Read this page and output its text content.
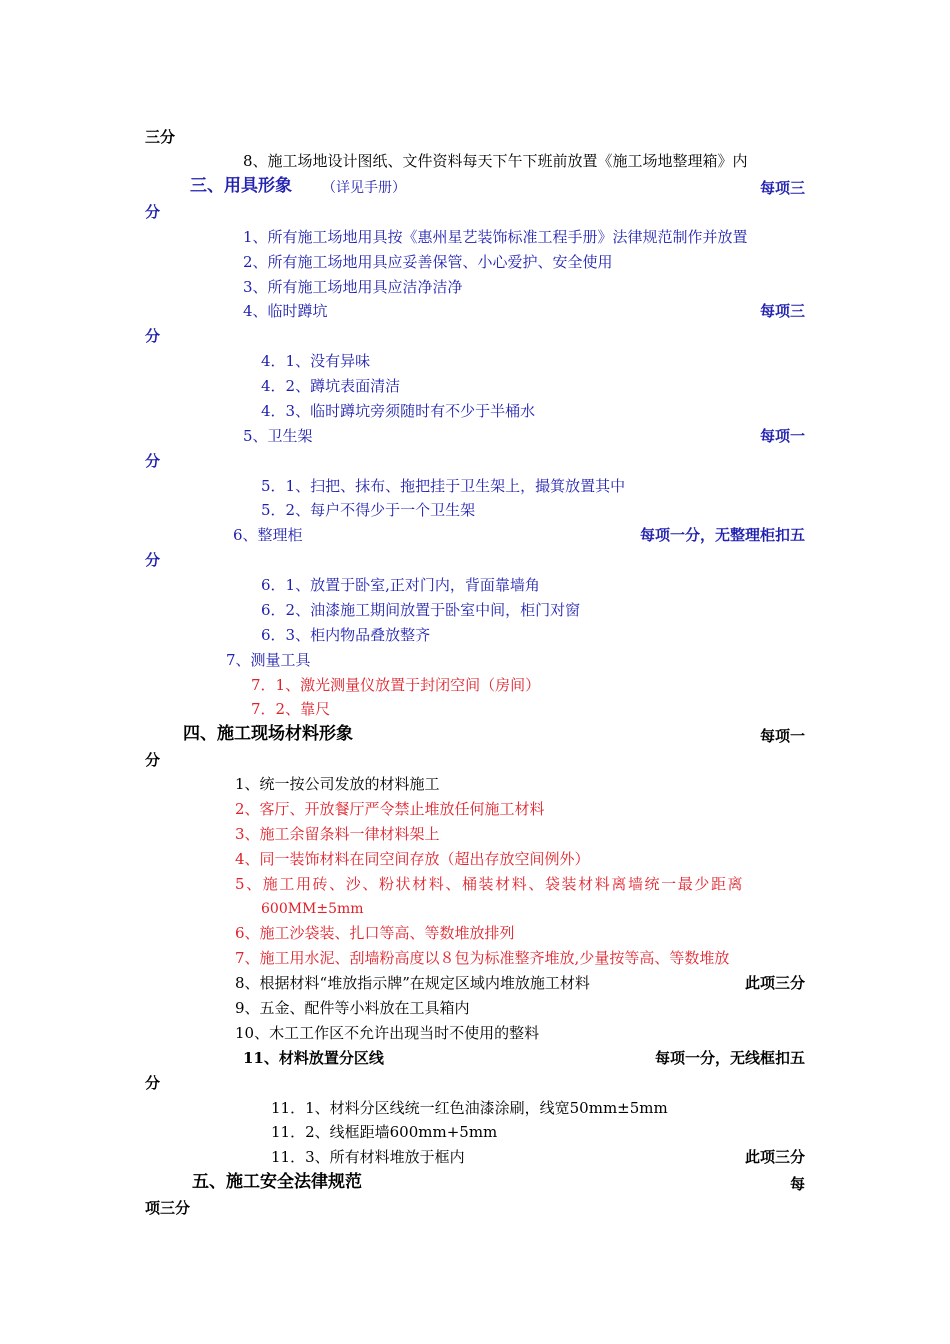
三分
8、施工场地设计图纸、文件资料每天下午下班前放置《施工场地整理箱》内
三、用具形象 （详见手册）	每项三
分
1、所有施工场地用具按《惠州星艺装饰标准工程手册》法律规范制作并放置
2、所有施工场地用具应妥善保管、小心爱护、安全使用
3、所有施工场地用具应洁净洁净
4、临时蹲坑	每项三
分
4．1、没有异味
4．2、蹲坑表面清洁
4．3、临时蹲坑旁须随时有不少于半桶水
5、卫生架	每项一
分
5．1、扫把、抹布、拖把挂于卫生架上，撮箕放置其中
5．2、每户不得少于一个卫生架
6、整理柜	每项一分，无整理柜扣五
分
6．1、放置于卧室,正对门内，背面靠墙角
6．2、油漆施工期间放置于卧室中间，柜门对窗
6．3、柜内物品叠放整齐
7、测量工具
7．1、激光测量仪放置于封闭空间（房间）
7．2、靠尺
四、施工现场材料形象	每项一
分
1、统一按公司发放的材料施工
2、客厅、开放餐厅严令禁止堆放任何施工材料
3、施工余留条料一律材料架上
4、同一装饰材料在同空间存放（超出存放空间例外）
5、施工用砖、沙、粉状材料、桶装材料、袋装材料离墙统一最少距离
600MM±5mm
6、施工沙袋装、扎口等高、等数堆放排列
7、施工用水泥、刮墙粉高度以８包为标准整齐堆放,少量按等高、等数堆放
8、根据材料“堆放指示牌”在规定区域内堆放施工材料	此项三分
9、五金、配件等小料放在工具箱内
10、木工工作区不允许出现当时不使用的整料
11、材料放置分区线	每项一分，无线框扣五
分
11．1、材料分区线统一红色油漆涂刷，线宽50mm±5mm
11．2、线框距墙600mm+5mm
11．3、所有材料堆放于框内	此项三分
五、施工安全法律规范	每
项三分
